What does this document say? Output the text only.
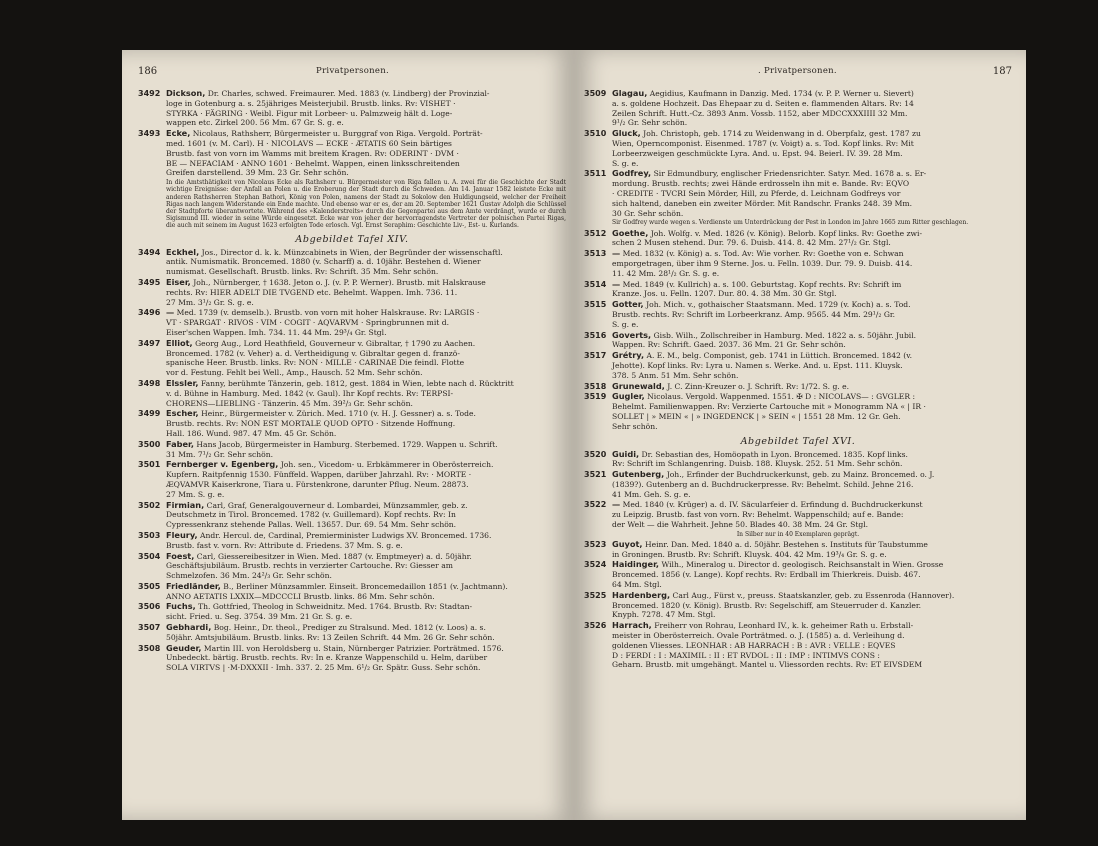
186	Privatpersonen.
3492 Dickson, Dr. Charles, schwed. Freimaurer. Med. 1883 (v. Lindberg) der Provinzial-
loge in Gotenburg a. s. 25jähriges Meisterjubil. Brustb. links. Rv: VISHET ·
STYRKA · FÄGRING · Weibl. Figur mit Lorbeer- u. Palmzweig hält d. Loge-
wappen etc. Zirkel 200. 56 Mm. 67 Gr. S. g. e.
3493 Ecke, Nicolaus, Rathsherr, Bürgermeister u. Burggraf von Riga. Vergold. Porträt-
med. 1601 (v. M. Carl). H · NICOLAVS — ECKE · ÆTATIS 60 Sein bärtiges
Brustb. fast von vorn im Wamms mit breitem Kragen. Rv: ODERINT · DVM ·
BE — NEFACIAM · ANNO 1601 · Behelmt. Wappen, einen linksschreitenden
Greifen darstellend. 39 Mm. 23 Gr. Sehr schön.
In die Amtsthätigkeit von Nicolaus Ecke als Rathsherr u. Bürgermeister von Riga fallen u. A. zwei für die Geschichte der Stadt wichtige Ereignisse: der Anfall an Polen u. die Eroberung der Stadt durch die Schweden. Am 14. Januar 1582 leistete Ecke mit anderen Rathsherren Stephan Bathori, König von Polen, namens der Stadt zu Sokolow den Huldigungseid, welcher der Freiheit Rigas nach langem Widerstande ein Ende machte. Und ebenso war er es, der am 20. September 1621 Gustav Adolph die Schlüssel der Stadtpforte überantwortete. Während des »Kalenderstreits« durch die Gegenpartei aus dem Amte verdrängt, wurde er durch Sigismund III. wieder in seine Würde eingesetzt. Ecke war von jeher der hervorragendste Vertreter der polnischen Partei Rigas, die auch mit seinem im August 1623 erfolgten Tode erlosch. Vgl. Ernst Seraphim: Geschichte Liv-, Est- u. Kurlands.
Abgebildet Tafel XIV.
3494 Eckhel, Jos., Director d. k. k. Münzcabinets in Wien, der Begründer der wissenschaftl.
antik. Numismatik. Broncemed. 1880 (v. Scharff) a. d. 10jähr. Bestehen d. Wiener
numismat. Gesellschaft. Brustb. links. Rv: Schrift. 35 Mm. Sehr schön.
3495 Eiser, Joh., Nürnberger, † 1638. Jeton o. J. (v. P. P. Werner). Brustb. mit Halskrause
rechts. Rv: HIER ADELT DIE TVGEND etc. Behelmt. Wappen. Imh. 736. 11.
27 Mm. 3¹/₂ Gr. S. g. e.
3496 — Med. 1739 (v. demselb.). Brustb. von vorn mit hoher Halskrause. Rv: LARGIS ·
VT · SPARGAT · RIVOS · VIM · COGIT · AQVARVM · Springbrunnen mit d.
Eiser'schen Wappen. Imh. 734. 11. 44 Mm. 29³/₄ Gr. Stgl.
3497 Elliot, Georg Aug., Lord Heathfield, Gouverneur v. Gibraltar, † 1790 zu Aachen.
Broncemed. 1782 (v. Veher) a. d. Vertheidigung v. Gibraltar gegen d. franzö-
spanische Heer. Brustb. links. Rv: NON · MILLE · CARINAE Die feindl. Flotte
vor d. Festung. Fehlt bei Well., Amp., Hausch. 52 Mm. Sehr schön.
3498 Elssler, Fanny, berühmte Tänzerin, geb. 1812, gest. 1884 in Wien, lebte nach d. Rücktritt
v. d. Bühne in Hamburg. Med. 1842 (v. Gaul). Ihr Kopf rechts. Rv: TERPSI-
CHORENS—LIEBLING · Tänzerin. 45 Mm. 39²/₃ Gr. Sehr schön.
3499 Escher, Heinr., Bürgermeister v. Zürich. Med. 1710 (v. H. J. Gessner) a. s. Tode.
Brustb. rechts. Rv: NON EST MORTALE QUOD OPTO · Sitzende Hoffnung.
Hall. 186. Wund. 987. 47 Mm. 45 Gr. Schön.
3500 Faber, Hans Jacob, Bürgermeister in Hamburg. Sterbemed. 1729. Wappen u. Schrift.
31 Mm. 7¹/₂ Gr. Sehr schön.
3501 Fernberger v. Egenberg, Joh. sen., Vicedom- u. Erbkämmerer in Oberösterreich.
Kupfern. Raitpfennig 1530. Fünffeld. Wappen, darüber Jahrzahl. Rv: · MORTE ·
ÆQVAMVR Kaiserkrone, Tiara u. Fürstenkrone, darunter Pflug. Neum. 28873.
27 Mm. S. g. e.
3502 Firmian, Carl, Graf, Generalgouverneur d. Lombardei, Münzsammler, geb. z.
Deutschmetz in Tirol. Broncemed. 1782 (v. Guillemard). Kopf rechts. Rv: In
Cypressenkranz stehende Pallas. Well. 13657. Dur. 69. 54 Mm. Sehr schön.
3503 Fleury, Andr. Hercul. de, Cardinal, Premierminister Ludwigs XV. Broncemed. 1736.
Brustb. fast v. vorn. Rv: Attribute d. Friedens. 37 Mm. S. g. e.
3504 Foest, Carl, Giessereibesitzer in Wien. Med. 1887 (v. Emptmeyer) a. d. 50jähr.
Geschäftsjubiläum. Brustb. rechts in verzierter Cartouche. Rv: Giesser am
Schmelzofen. 36 Mm. 24²/₃ Gr. Sehr schön.
3505 Friedländer, B., Berliner Münzsammler. Einseit. Broncemedaillon 1851 (v. Jachtmann).
ANNO AETATIS LXXIX—MDCCCLI Brustb. links. 86 Mm. Sehr schön.
3506 Fuchs, Th. Gottfried, Theolog in Schweidnitz. Med. 1764. Brustb. Rv: Stadtan-
sicht. Fried. u. Seg. 3754. 39 Mm. 21 Gr. S. g. e.
3507 Gebhardi, Bog. Heinr., Dr. theol., Prediger zu Stralsund. Med. 1812 (v. Loos) a. s.
50jähr. Amtsjubiläum. Brustb. links. Rv: 13 Zeilen Schrift. 44 Mm. 26 Gr. Sehr schön.
3508 Geuder, Martin III. von Heroldsberg u. Stain, Nürnberger Patrizier. Porträtmed. 1576.
Unbedeckt. bärtig. Brustb. rechts. Rv: In e. Kranze Wappenschild u. Helm, darüber
SOLA VIRTVS | ·M·DXXXII · Imh. 337. 2. 25 Mm. 6¹/₂ Gr. Spätr. Guss. Sehr schön.
. Privatpersonen.	187
3509 Glagau, Aegidius, Kaufmann in Danzig. Med. 1734 (v. P. P. Werner u. Sievert)
a. s. goldene Hochzeit. Das Ehepaar zu d. Seiten e. flammenden Altars. Rv: 14
Zeilen Schrift. Hutt.-Cz. 3893 Anm. Vossb. 1152, aber MDCCXXXIIII 32 Mm.
9¹/₂ Gr. Sehr schön.
3510 Gluck, Joh. Christoph, geb. 1714 zu Weidenwang in d. Oberpfalz, gest. 1787 zu
Wien, Operncomponist. Eisenmed. 1787 (v. Voigt) a. s. Tod. Kopf links. Rv: Mit
Lorbeerzweigen geschmückte Lyra. And. u. Epst. 94. Beierl. IV. 39. 28 Mm.
S. g. e.
3511 Godfrey, Sir Edmundbury, englischer Friedensrichter. Satyr. Med. 1678 a. s. Er-
mordung. Brustb. rechts; zwei Hände erdrosseln ihn mit e. Bande. Rv: EQVO
· CREDITE · TVCRI Sein Mörder, Hill, zu Pferde, d. Leichnam Godfreys vor
sich haltend, daneben ein zweiter Mörder. Mit Randschr. Franks 248. 39 Mm.
30 Gr. Sehr schön.
Sir Godfrey wurde wegen s. Verdienste um Unterdrückung der Pest in London im Jahre 1665 zum Ritter geschlagen.
3512 Goethe, Joh. Wolfg. v. Med. 1826 (v. König). Belorb. Kopf links. Rv: Goethe zwi-
schen 2 Musen stehend. Dur. 79. 6. Duisb. 414. 8. 42 Mm. 27¹/₂ Gr. Stgl.
3513 — Med. 1832 (v. König) a. s. Tod. Av: Wie vorher. Rv: Goethe von e. Schwan
emporgetragen, über ihm 9 Sterne. Jos. u. Felln. 1039. Dur. 79. 9. Duisb. 414.
11. 42 Mm. 28¹/₂ Gr. S. g. e.
3514 — Med. 1849 (v. Kullrich) a. s. 100. Geburtstag. Kopf rechts. Rv: Schrift im
Kranze. Jos. u. Felln. 1207. Dur. 80. 4. 38 Mm. 30 Gr. Stgl.
3515 Gotter, Joh. Mich. v., gothaischer Staatsmann. Med. 1729 (v. Koch) a. s. Tod.
Brustb. rechts. Rv: Schrift im Lorbeerkranz. Amp. 9565. 44 Mm. 29¹/₂ Gr.
S. g. e.
3516 Goverts, Gisb. Wilh., Zollschreiber in Hamburg. Med. 1822 a. s. 50jähr. Jubil.
Wappen. Rv: Schrift. Gaed. 2037. 36 Mm. 21 Gr. Sehr schön.
3517 Grétry, A. E. M., belg. Componist, geb. 1741 in Lüttich. Broncemed. 1842 (v.
Jehotte). Kopf links. Rv: Lyra u. Namen s. Werke. And. u. Epst. 111. Kluysk.
378. 5 Anm. 51 Mm. Sehr schön.
3518 Grunewald, J. C. Zinn-Kreuzer o. J. Schrift. Rv: 1/72. S. g. e.
3519 Gugler, Nicolaus. Vergold. Wappenmed. 1551. ✠ D : NICOLAVS— : GVGLER :
Behelmt. Familienwappen. Rv: Verzierte Cartouche mit » Monogramm NA « | IR ·
SOLLET | » MEIN « | » INGEDENCK | » SEIN « | 1551 28 Mm. 12 Gr. Geh.
Sehr schön.
Abgebildet Tafel XVI.
3520 Guidi, Dr. Sebastian des, Homöopath in Lyon. Broncemed. 1835. Kopf links.
Rv: Schrift im Schlangenring. Duisb. 188. Kluysk. 252. 51 Mm. Sehr schön.
3521 Gutenberg, Joh., Erfinder der Buchdruckerkunst, geb. zu Mainz. Broncemed. o. J.
(1839?). Gutenberg an d. Buchdruckerpresse. Rv: Behelmt. Schild. Jehne 216.
41 Mm. Geh. S. g. e.
3522 — Med. 1840 (v. Krüger) a. d. IV. Säcularfeier d. Erfindung d. Buchdruckerkunst
zu Leipzig. Brustb. fast von vorn. Rv: Behelmt. Wappenschild; auf e. Bande:
der Welt — die Wahrheit. Jehne 50. Blades 40. 38 Mm. 24 Gr. Stgl.
In Silber nur in 40 Exemplaren geprägt.
3523 Guyot, Heinr. Dan. Med. 1840 a. d. 50jähr. Bestehen s. Instituts für Taubstumme
in Groningen. Brustb. Rv: Schrift. Kluysk. 404. 42 Mm. 19³/₄ Gr. S. g. e.
3524 Haidinger, Wilh., Mineralog u. Director d. geologisch. Reichsanstalt in Wien. Grosse
Broncemed. 1856 (v. Lange). Kopf rechts. Rv: Erdball im Thierkreis. Duisb. 467.
64 Mm. Stgl.
3525 Hardenberg, Carl Aug., Fürst v., preuss. Staatskanzler, geb. zu Essenroda (Hannover).
Broncemed. 1820 (v. König). Brustb. Rv: Segelschiff, am Steuerruder d. Kanzler.
Knyph. 7278. 47 Mm. Stgl.
3526 Harrach, Freiherr von Rohrau, Leonhard IV., k. k. geheimer Rath u. Erbstall-
meister in Oberösterreich. Ovale Porträtmed. o. J. (1585) a. d. Verleihung d.
goldenen Vliesses. LEONHAR : AB HARRACH : B : AVR : VELLE : EQVES
D : FERDI : I : MAXIMIL : II : ET RVDOL : II : IMP : INTIMVS CONS :
Geharn. Brustb. mit umgehängt. Mantel u. Vliessorden rechts. Rv: ET EIVSDEM
